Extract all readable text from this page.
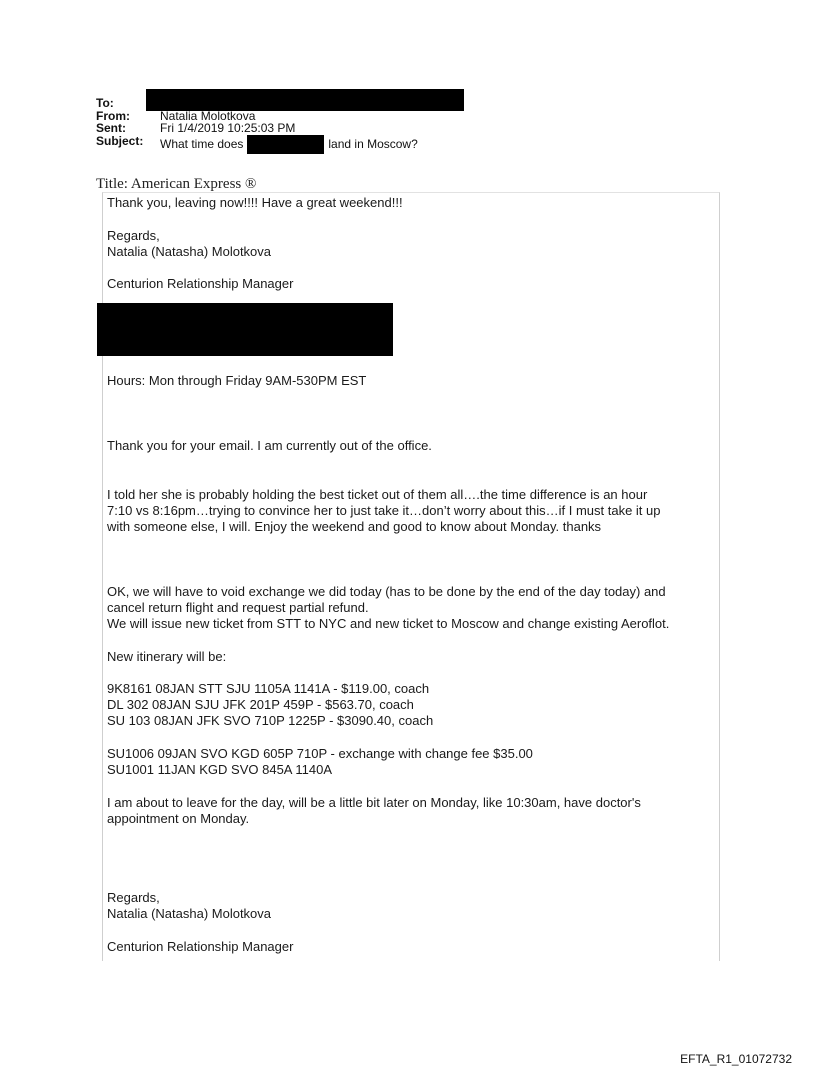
To:
From:	Natalia Molotkova
Sent:	Fri 1/4/2019 10:25:03 PM
Subject: What time does	land in Moscow?
Title: American Express ®
Thank you, leaving now!!!! Have a great weekend!!!
Regards,
Natalia (Natasha) Molotkova
Centurion Relationship Manager
Hours: Mon through Friday 9AM-530PM EST
Thank you for your email. I am currently out of the office.
I told her she is probably holding the best ticket out of them all….the time difference is an hour
7:10 vs 8:16pm…trying to convince her to just take it…don’t worry about this…if I must take it up
with someone else, I will. Enjoy the weekend and good to know about Monday. thanks
OK, we will have to void exchange we did today (has to be done by the end of the day today) and
cancel return flight and request partial refund.
We will issue new ticket from STT to NYC and new ticket to Moscow and change existing Aeroflot.
New itinerary will be:
9K8161 08JAN STT SJU 1105A 1141A - $119.00, coach
DL 302 08JAN SJU JFK 201P 459P - $563.70, coach
SU 103 08JAN JFK SVO 710P 1225P - $3090.40, coach
SU1006 09JAN SVO KGD 605P 710P - exchange with change fee $35.00
SU1001 11JAN KGD SVO 845A 1140A
I am about to leave for the day, will be a little bit later on Monday, like 10:30am, have doctor's
appointment on Monday.
Regards,
Natalia (Natasha) Molotkova
Centurion Relationship Manager
EFTA_R1_01072732
